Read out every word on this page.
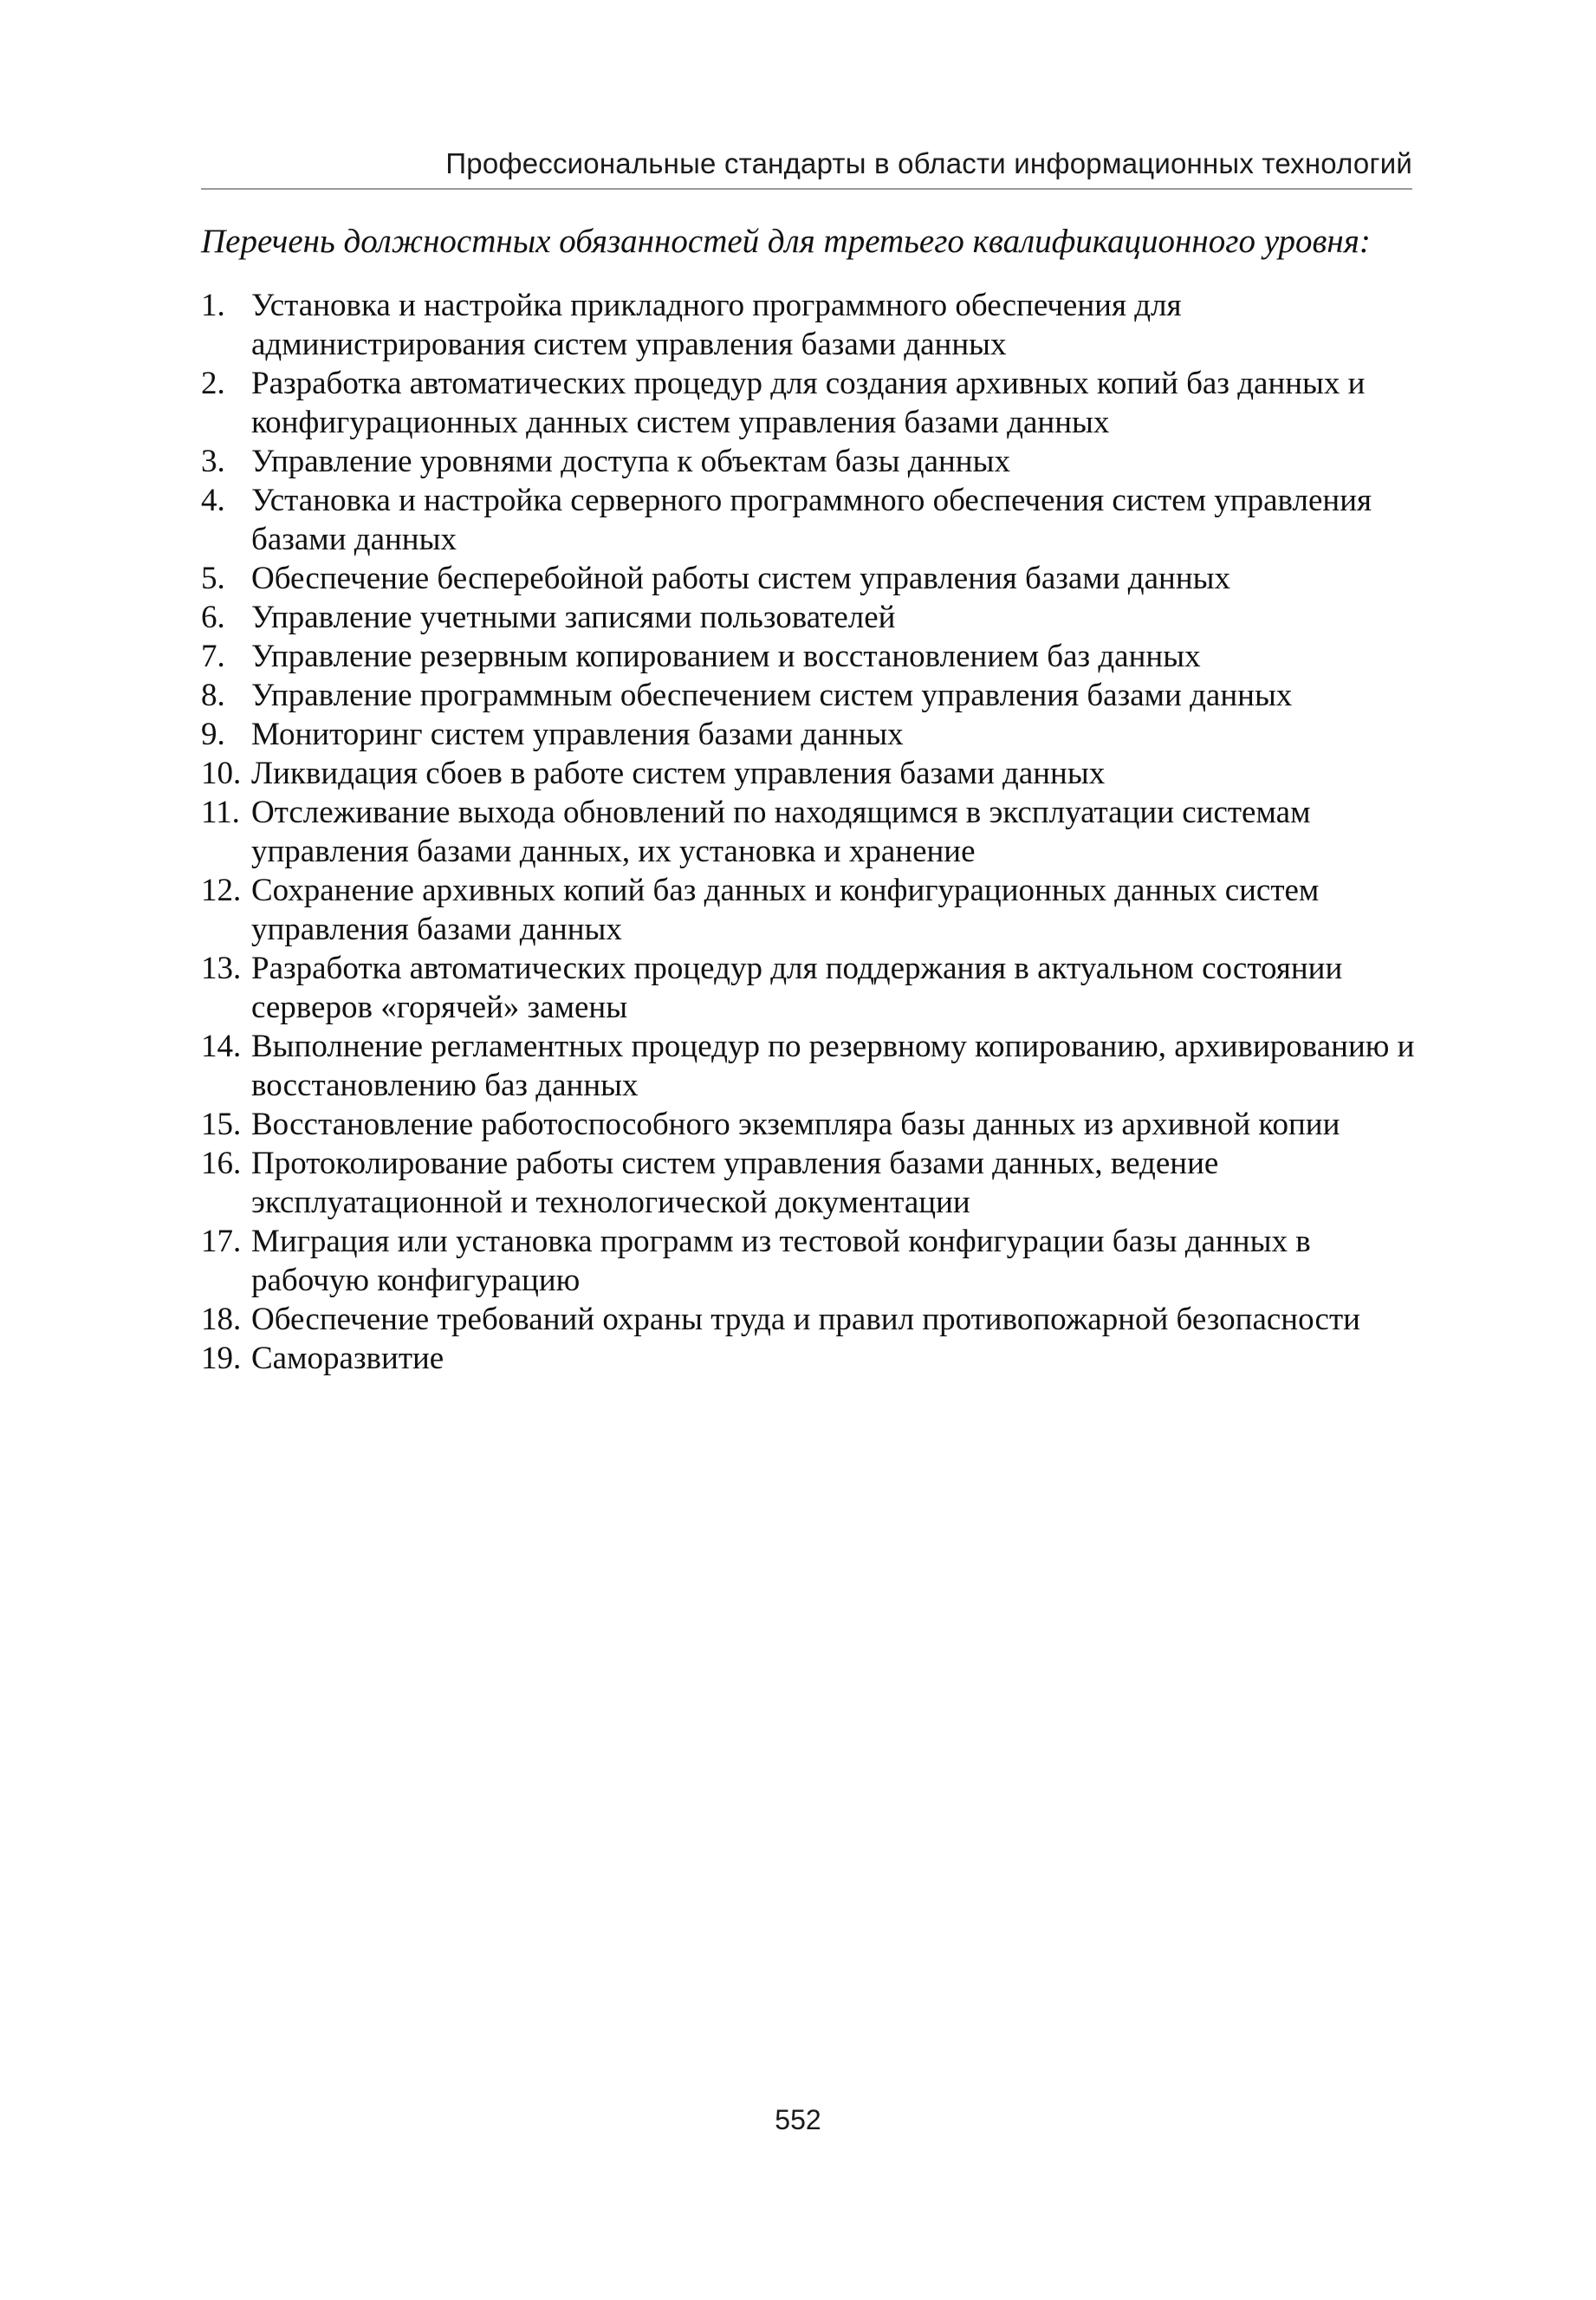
Профессиональные стандарты в области информационных технологий
Перечень должностных обязанностей для третьего квалификационного уровня:
1. Установка и настройка прикладного программного обеспечения для администрирования систем управления базами данных
2. Разработка автоматических процедур для создания архивных копий баз данных и конфигурационных данных систем управления базами данных
3. Управление уровнями доступа к объектам базы данных
4. Установка и настройка серверного программного обеспечения систем управления базами данных
5. Обеспечение бесперебойной работы систем управления базами данных
6. Управление учетными записями пользователей
7. Управление резервным копированием и восстановлением баз данных
8. Управление программным обеспечением систем управления базами данных
9. Мониторинг систем управления базами данных
10. Ликвидация сбоев в работе систем управления базами данных
11. Отслеживание выхода обновлений по находящимся в эксплуатации системам управления базами данных, их установка и хранение
12. Сохранение архивных копий баз данных и конфигурационных данных систем управления базами данных
13. Разработка автоматических процедур для поддержания в актуальном состоянии серверов «горячей» замены
14. Выполнение регламентных процедур по резервному копированию, архивированию и восстановлению баз данных
15. Восстановление работоспособного экземпляра базы данных из архивной копии
16. Протоколирование работы систем управления базами данных, ведение эксплуатационной и технологической документации
17. Миграция или установка программ из тестовой конфигурации базы данных в рабочую конфигурацию
18. Обеспечение требований охраны труда и правил противопожарной безопасности
19. Саморазвитие
552
